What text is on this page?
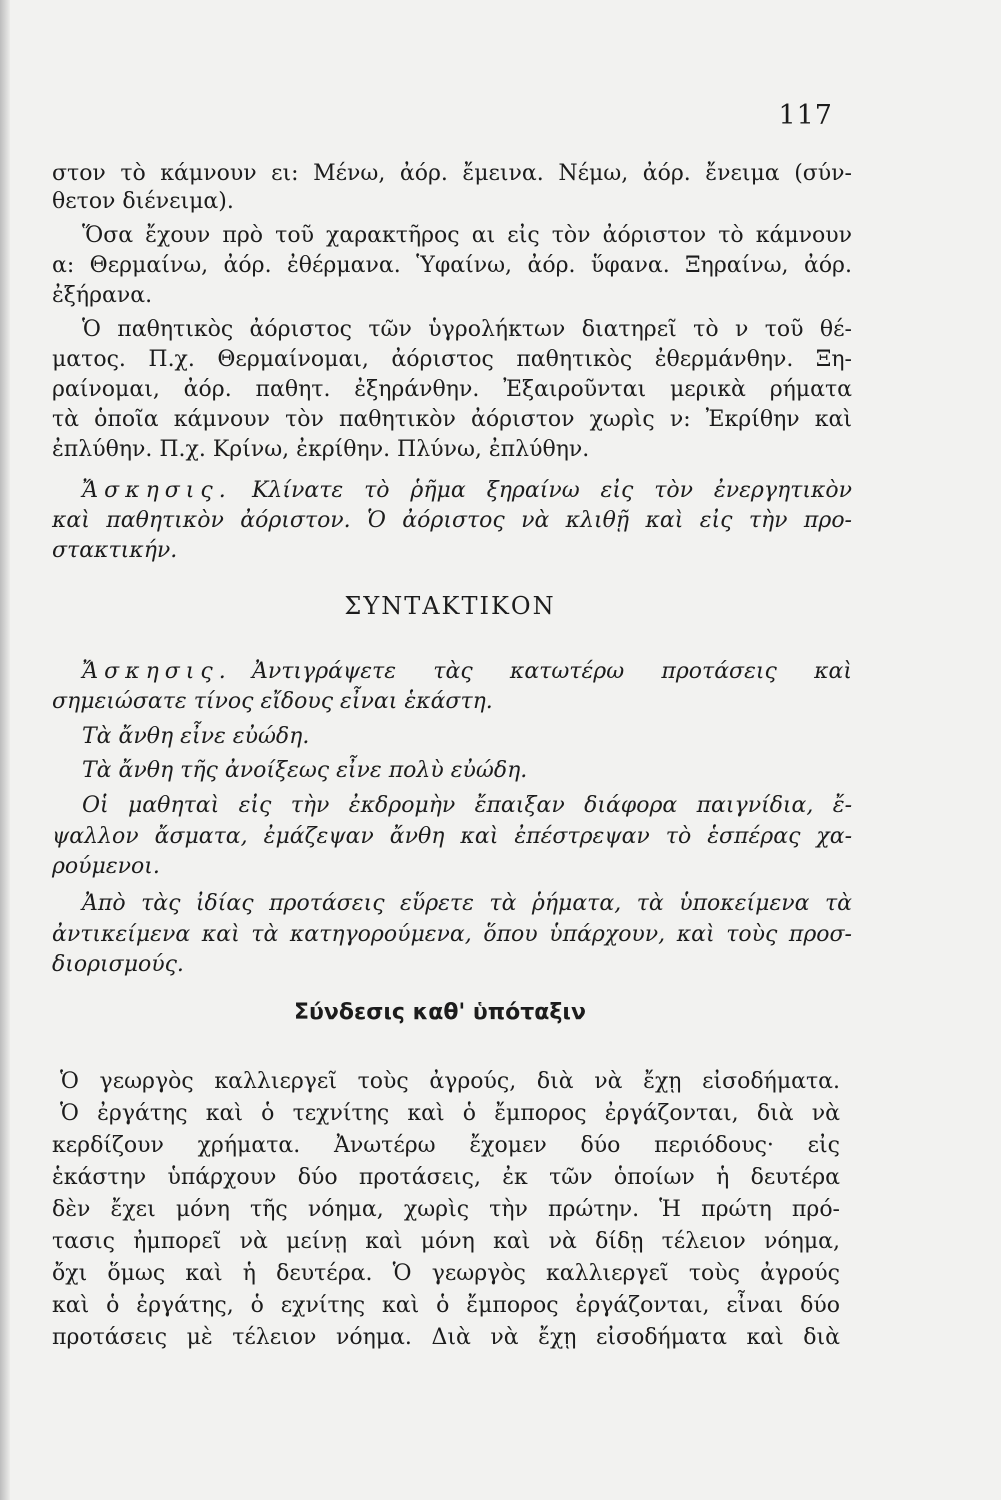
117
στον τὸ κάμνουν ει: Μένω, ἀόρ. ἔμεινα. Νέμω, ἀόρ. ἔνειμα (σύν-
θετον διένειμα).
Ὅσα ἔχουν πρὸ τοῦ χαρακτῆρος αι εἰς τὸν ἀόριστον τὸ κάμνουν
α: Θερμαίνω, ἀόρ. ἐθέρμανα. Ὑφαίνω, ἀόρ. ὕφανα. Ξηραίνω, ἀόρ.
ἐξήρανα.
Ὁ παθητικὸς ἀόριστος τῶν ὑγρολήκτων διατηρεῖ τὸ ν τοῦ θέ-
ματος. Π.χ. Θερμαίνομαι, ἀόριστος παθητικὸς ἐθερμάνθην. Ξη-
ραίνομαι, ἀόρ. παθητ. ἐξηράνθην. Ἐξαιροῦνται μερικὰ ρήματα
τὰ ὁποῖα κάμνουν τὸν παθητικὸν ἀόριστον χωρὶς ν: Ἐκρίθην καὶ
ἐπλύθην. Π.χ. Κρίνω, ἐκρίθην. Πλύνω, ἐπλύθην.
Ἄσκησις. Κλίνατε τὸ ῥῆμα ξηραίνω εἰς τὸν ἐνεργητικὸν
καὶ παθητικὸν ἀόριστον. Ὁ ἀόριστος νὰ κλιθῇ καὶ εἰς τὴν προ-
στακτικήν.
ΣΥΝΤΑΚΤΙΚΟΝ
Ἄσκησις. Ἀντιγράψετε τὰς κατωτέρω προτάσεις καὶ
σημειώσατε τίνος εἴδους εἶναι ἑκάστη.
Τὰ ἄνθη εἶνε εὐώδη.
Τὰ ἄνθη τῆς ἀνοίξεως εἶνε πολὺ εὐώδη.
Οἱ μαθηταὶ εἰς τὴν ἐκδρομὴν ἔπαιξαν διάφορα παιγνίδια, ἔ-
ψαλλον ἄσματα, ἐμάζεψαν ἄνθη καὶ ἐπέστρεψαν τὸ ἑσπέρας χα-
ρούμενοι.
Ἀπὸ τὰς ἰδίας προτάσεις εὕρετε τὰ ῥήματα, τὰ ὑποκείμενα τὰ
ἀντικείμενα καὶ τὰ κατηγορούμενα, ὅπου ὑπάρχουν, καὶ τοὺς προσ-
διορισμούς.
Σύνδεσις καθ' ὑπόταξιν
Ὁ γεωργὸς καλλιεργεῖ τοὺς ἀγρούς, διὰ νὰ ἔχῃ εἰσοδήματα.
Ὁ ἐργάτης καὶ ὁ τεχνίτης καὶ ὁ ἔμπορος ἐργάζονται, διὰ νὰ
κερδίζουν χρήματα. Ἀνωτέρω ἔχομεν δύο περιόδους· εἰς
ἑκάστην ὑπάρχουν δύο προτάσεις, ἐκ τῶν ὁποίων ἡ δευτέρα
δὲν ἔχει μόνη τῆς νόημα, χωρὶς τὴν πρώτην. Ἡ πρώτη πρό-
τασις ἠμπορεῖ νὰ μείνῃ καὶ μόνη καὶ νὰ δίδῃ τέλειον νόημα,
ὄχι ὅμως καὶ ἡ δευτέρα. Ὁ γεωργὸς καλλιεργεῖ τοὺς ἀγρούς
καὶ ὁ ἐργάτης, ὁ εχνίτης καὶ ὁ ἔμπορος ἐργάζονται, εἶναι δύο
προτάσεις μὲ τέλειον νόημα. Διὰ νὰ ἔχῃ εἰσοδήματα καὶ διὰ
